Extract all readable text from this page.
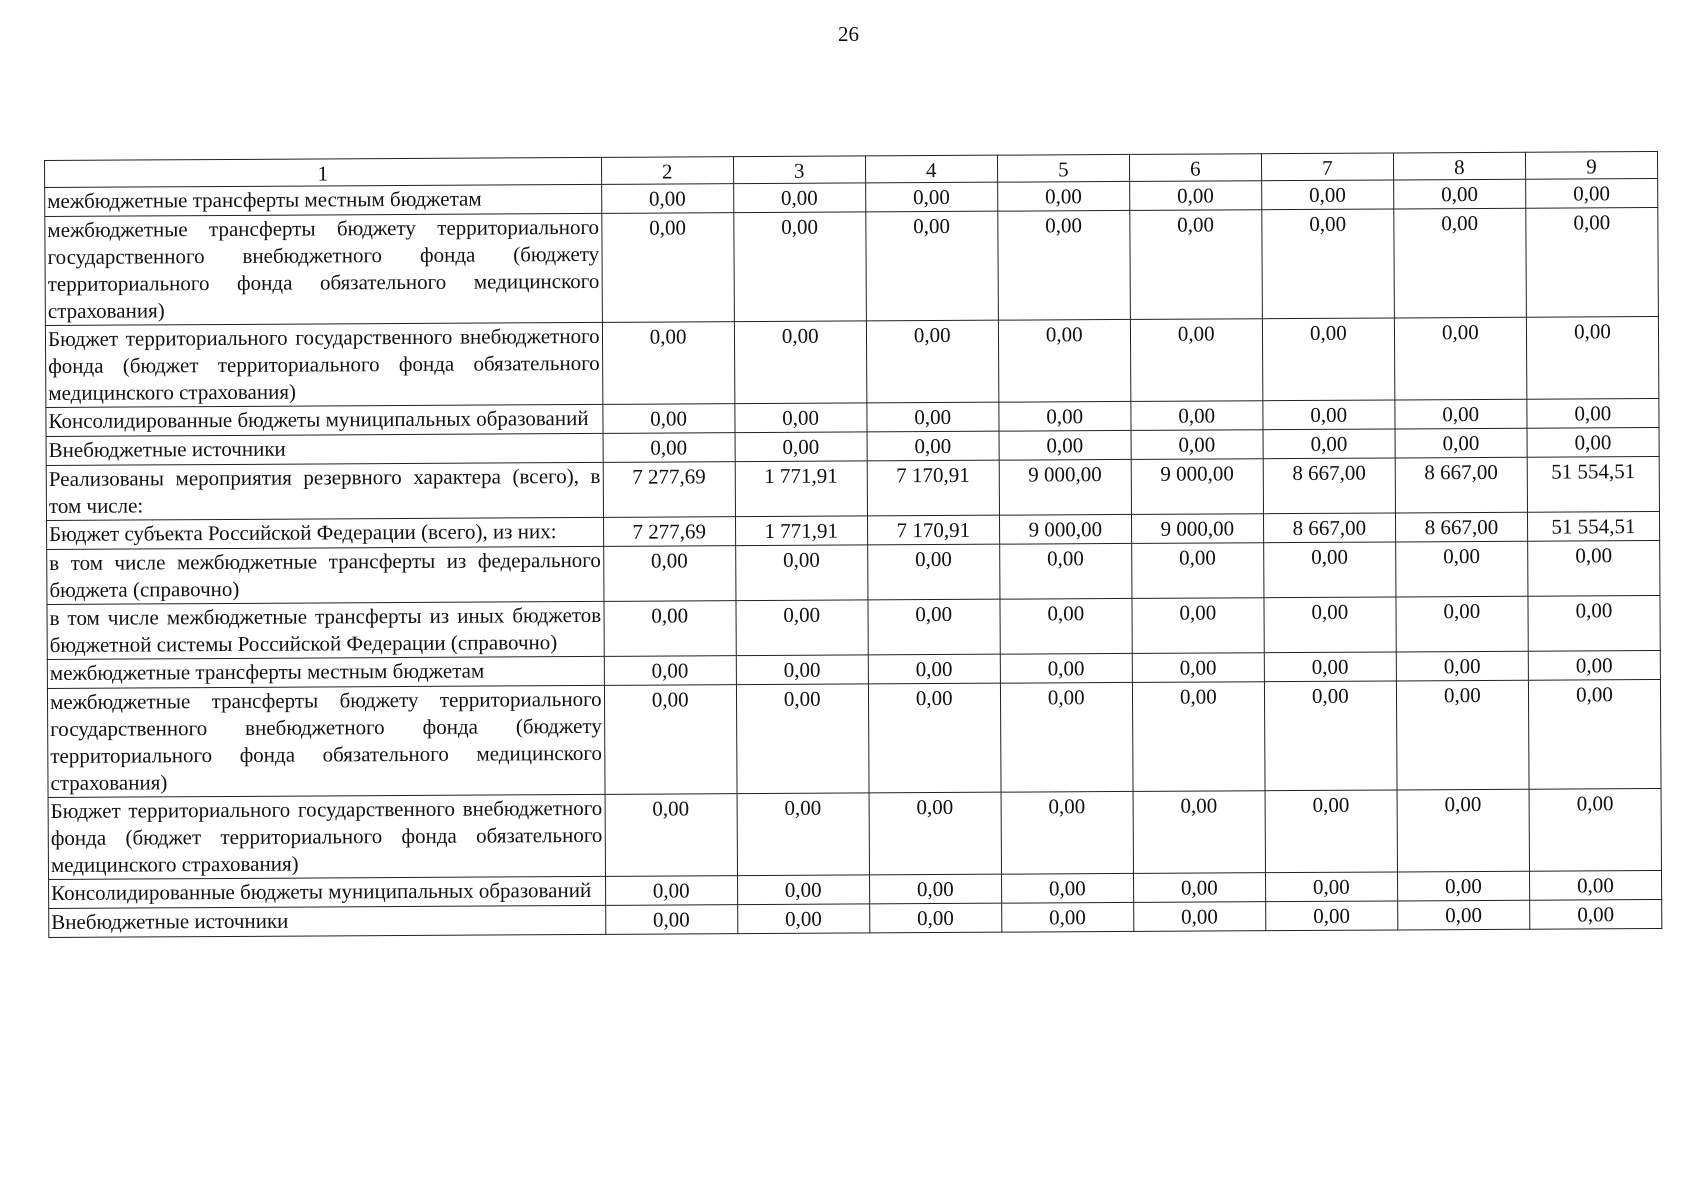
26
1	2	3	4	5	6	7	8	9
межбюджетные трансферты местным бюджетам	0,00	0,00	0,00	0,00	0,00	0,00	0,00	0,00
межбюджетные трансферты бюджету территориального государственного внебюджетного фонда (бюджету территориального фонда обязательного медицинского страхования)	0,00	0,00	0,00	0,00	0,00	0,00	0,00	0,00
Бюджет территориального государственного внебюджетного фонда (бюджет территориального фонда обязательного медицинского страхования)	0,00	0,00	0,00	0,00	0,00	0,00	0,00	0,00
Консолидированные бюджеты муниципальных образований	0,00	0,00	0,00	0,00	0,00	0,00	0,00	0,00
Внебюджетные источники	0,00	0,00	0,00	0,00	0,00	0,00	0,00	0,00
Реализованы мероприятия резервного характера (всего), в том числе:	7 277,69	1 771,91	7 170,91	9 000,00	9 000,00	8 667,00	8 667,00	51 554,51
Бюджет субъекта Российской Федерации (всего), из них:	7 277,69	1 771,91	7 170,91	9 000,00	9 000,00	8 667,00	8 667,00	51 554,51
в том числе межбюджетные трансферты из федерального бюджета (справочно)	0,00	0,00	0,00	0,00	0,00	0,00	0,00	0,00
в том числе межбюджетные трансферты из иных бюджетов бюджетной системы Российской Федерации (справочно)	0,00	0,00	0,00	0,00	0,00	0,00	0,00	0,00
межбюджетные трансферты местным бюджетам	0,00	0,00	0,00	0,00	0,00	0,00	0,00	0,00
межбюджетные трансферты бюджету территориального государственного внебюджетного фонда (бюджету территориального фонда обязательного медицинского страхования)	0,00	0,00	0,00	0,00	0,00	0,00	0,00	0,00
Бюджет территориального государственного внебюджетного фонда (бюджет территориального фонда обязательного медицинского страхования)	0,00	0,00	0,00	0,00	0,00	0,00	0,00	0,00
Консолидированные бюджеты муниципальных образований	0,00	0,00	0,00	0,00	0,00	0,00	0,00	0,00
Внебюджетные источники	0,00	0,00	0,00	0,00	0,00	0,00	0,00	0,00
